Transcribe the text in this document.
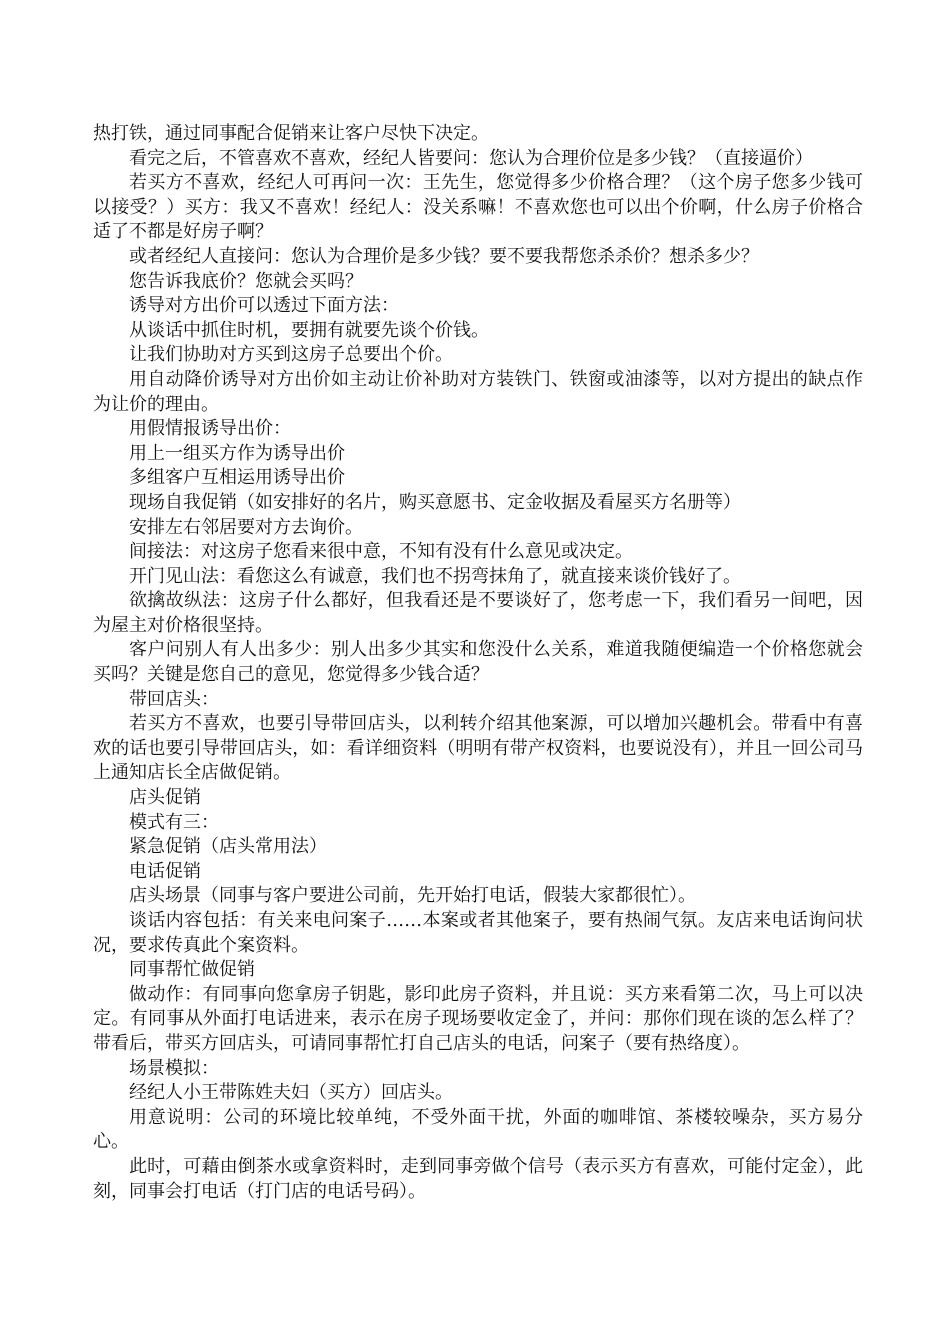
热打铁，通过同事配合促销来让客户尽快下决定。

看完之后，不管喜欢不喜欢，经纪人皆要问：您认为合理价位是多少钱？（直接逼价）

若买方不喜欢，经纪人可再问一次：王先生，您觉得多少价格合理？（这个房子您多少钱可以接受？）买方：我又不喜欢！经纪人：没关系嘛！不喜欢您也可以出个价啊，什么房子价格合适了不都是好房子啊？

或者经纪人直接问：您认为合理价是多少钱？要不要我帮您杀杀价？想杀多少？

您告诉我底价？您就会买吗？

诱导对方出价可以透过下面方法：

从谈话中抓住时机，要拥有就要先谈个价钱。

让我们协助对方买到这房子总要出个价。

用自动降价诱导对方出价如主动让价补助对方装铁门、铁窗或油漆等，以对方提出的缺点作为让价的理由。

用假情报诱导出价：

用上一组买方作为诱导出价

多组客户互相运用诱导出价

现场自我促销（如安排好的名片，购买意愿书、定金收据及看屋买方名册等）

安排左右邻居要对方去询价。

间接法：对这房子您看来很中意，不知有没有什么意见或决定。

开门见山法：看您这么有诚意，我们也不拐弯抹角了，就直接来谈价钱好了。

欲擒故纵法：这房子什么都好，但我看还是不要谈好了，您考虑一下，我们看另一间吧，因为屋主对价格很坚持。

客户问别人有人出多少：别人出多少其实和您没什么关系，难道我随便编造一个价格您就会买吗？关键是您自己的意见，您觉得多少钱合适？

带回店头：

若买方不喜欢，也要引导带回店头，以利转介绍其他案源，可以增加兴趣机会。带看中有喜欢的话也要引导带回店头，如：看详细资料（明明有带产权资料，也要说没有），并且一回公司马上通知店长全店做促销。

店头促销

模式有三：

紧急促销（店头常用法）

电话促销

店头场景（同事与客户要进公司前，先开始打电话，假装大家都很忙）。

谈话内容包括：有关来电问案子……本案或者其他案子，要有热闹气氛。友店来电话询问状况，要求传真此个案资料。

同事帮忙做促销

做动作：有同事向您拿房子钥匙，影印此房子资料，并且说：买方来看第二次，马上可以决定。有同事从外面打电话进来，表示在房子现场要收定金了，并问：那你们现在谈的怎么样了？带看后，带买方回店头，可请同事帮忙打自己店头的电话，问案子（要有热络度）。

场景模拟：

经纪人小王带陈姓夫妇（买方）回店头。

用意说明：公司的环境比较单纯，不受外面干扰，外面的咖啡馆、茶楼较噪杂，买方易分心。

此时，可藉由倒茶水或拿资料时，走到同事旁做个信号（表示买方有喜欢，可能付定金），此刻，同事会打电话（打门店的电话号码）。
